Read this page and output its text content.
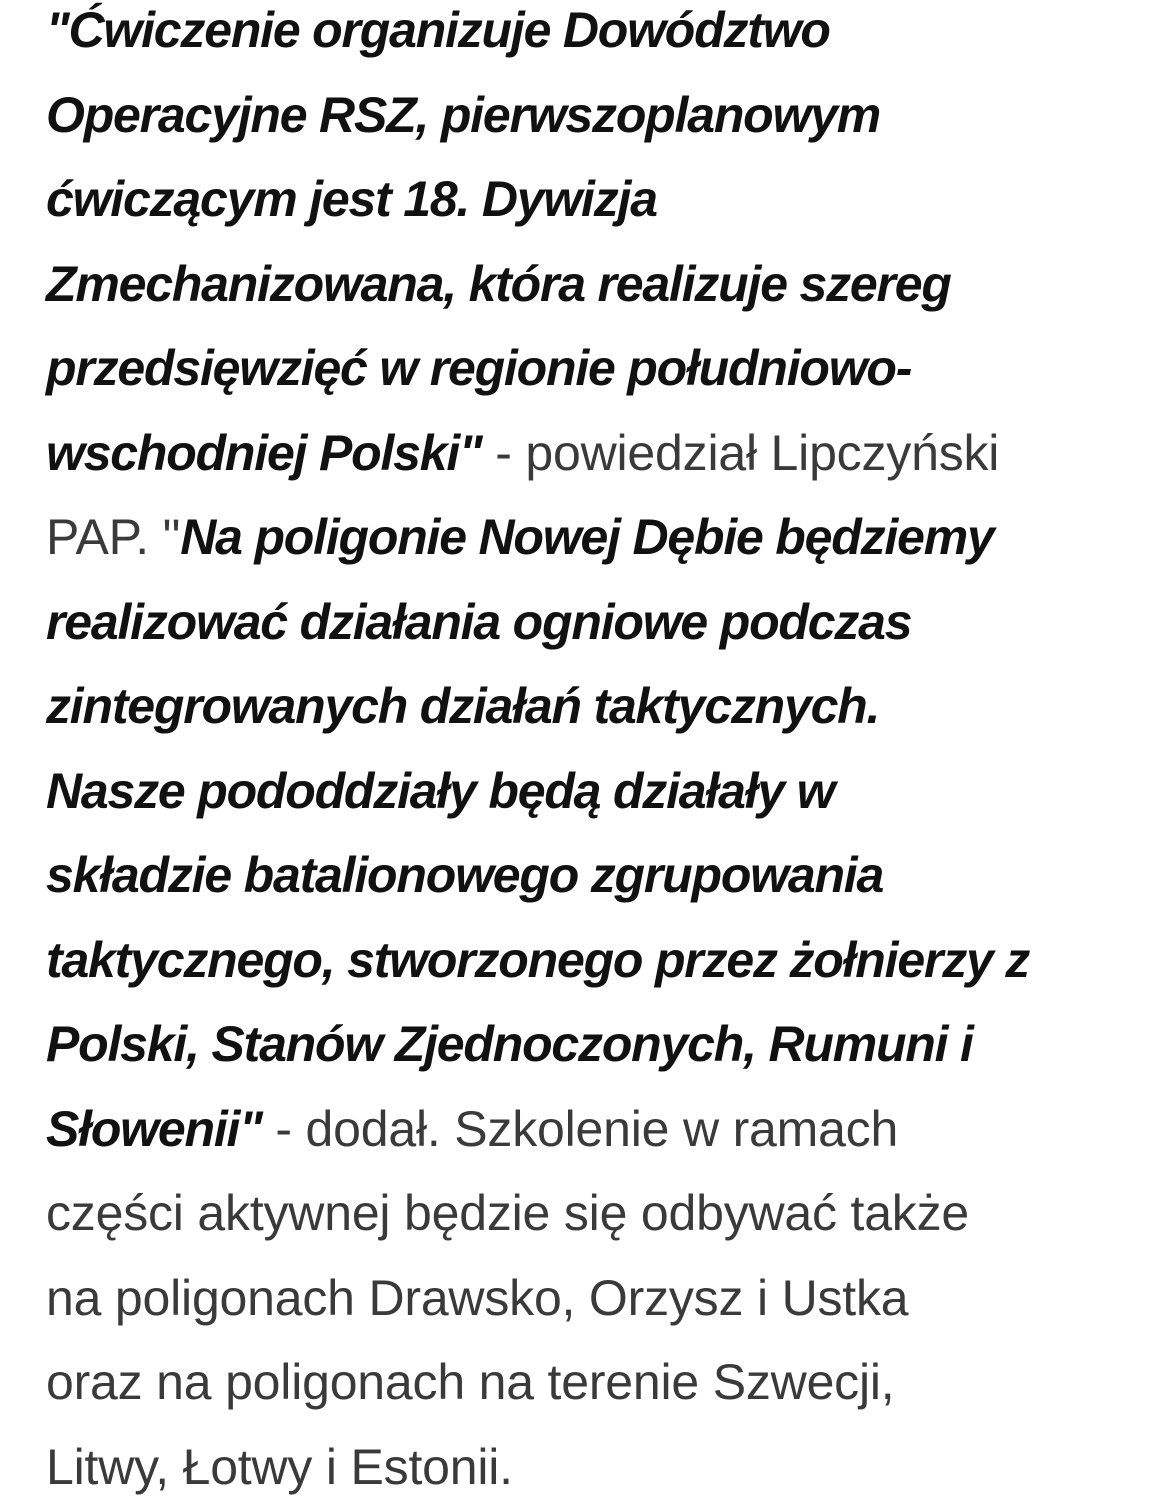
"Ćwiczenie organizuje Dowództwo
Operacyjne RSZ, pierwszoplanowym
ćwiczącym jest 18. Dywizja
Zmechanizowana, która realizuje szereg
przedsięwzięć w regionie południowo-
wschodniej Polski" - powiedział Lipczyński
PAP. "Na poligonie Nowej Dębie będziemy
realizować działania ogniowe podczas
zintegrowanych działań taktycznych.
Nasze pododdziały będą działały w
składzie batalionowego zgrupowania
taktycznego, stworzonego przez żołnierzy z
Polski, Stanów Zjednoczonych, Rumuni i
Słowenii" - dodał. Szkolenie w ramach
części aktywnej będzie się odbywać także
na poligonach Drawsko, Orzysz i Ustka
oraz na poligonach na terenie Szwecji,
Litwy, Łotwy i Estonii.
